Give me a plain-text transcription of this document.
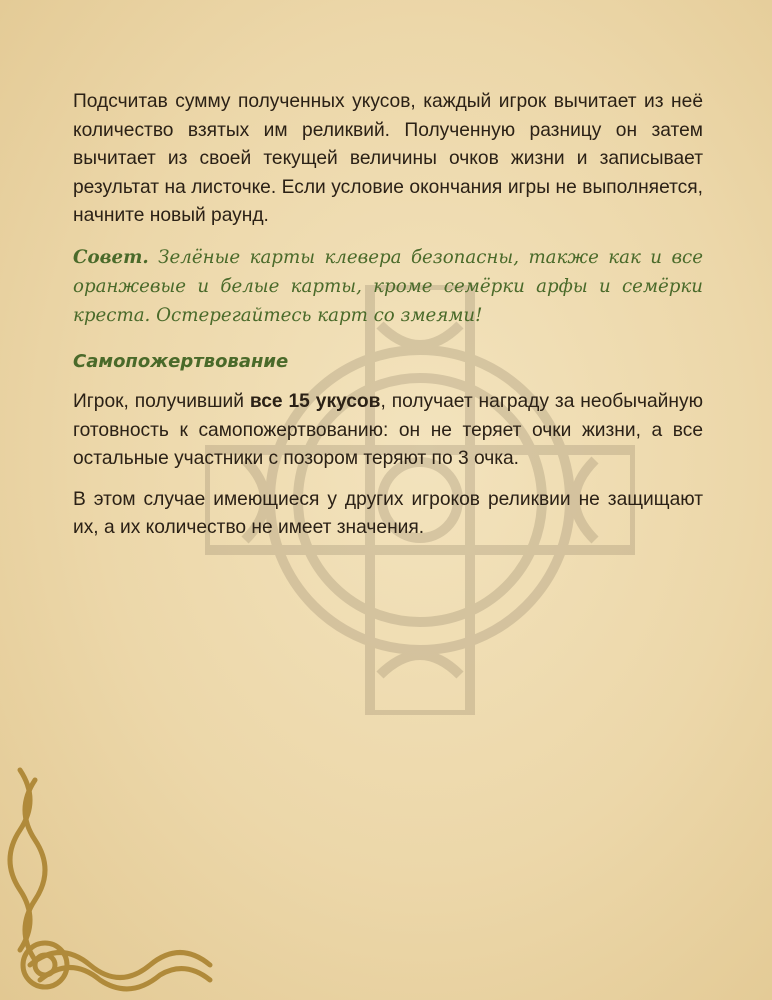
Подсчитав сумму полученных укусов, каждый игрок вычитает из неё количество взятых им реликвий. Полученную разницу он затем вычитает из своей текущей величины очков жизни и записывает результат на листочке. Если условие окончания игры не выполняется, начните новый раунд.

Совет. Зелёные карты клевера безопасны, также как и все оранжевые и белые карты, кроме семёрки арфы и семёрки креста. Остерегайтесь карт со змеями!

Самопожертвование

Игрок, получивший все 15 укусов, получает награду за необычайную готовность к самопожертвованию: он не теряет очки жизни, а все остальные участники с позором теряют по 3 очка.

В этом случае имеющиеся у других игроков реликвии не защищают их, а их количество не имеет значения.
